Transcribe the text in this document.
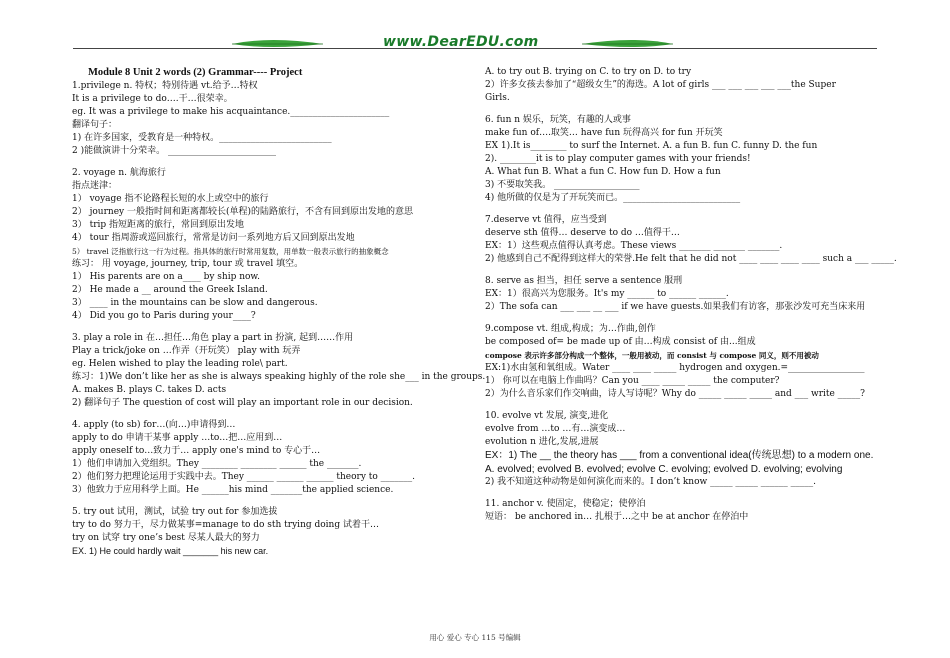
www.DearEDU.com
Module 8 Unit 2 words (2) Grammar---- Project
1.privilege n. 特权；特别待遇 vt.给予…特权
It is a privilege to do….干…很荣幸。
eg. It was a privilege to make his acquaintance.______________________
翻译句子：
1) 在许多国家，受教育是一种特权。_________________________
2 )能做演讲十分荣幸。 ________________________
2. voyage n. 航海旅行
指点迷津：
1） voyage 指不论路程长短的水上或空中的旅行
2） journey 一般指时间和距离都较长(单程)的陆路旅行，不含有回到原出发地的意思
3） trip 指短距离的旅行，常回到原出发地
4） tour 指周游或巡回旅行，常常是访问一系列地方后又回到原出发地
5） travel 泛指旅行这一行为过程。指具体的旅行时常用复数，用单数一般表示旅行的抽象概念
练习： 用 voyage, journey, trip, tour 或 travel 填空。
1） His parents are on a____ by ship now.
2） He made a __ around the Greek Island.
3） ____ in the mountains can be slow and dangerous.
4） Did you go to Paris during your____?
3. play a role in 在…担任…角色 play a part in 扮演, 起到……作用
Play a trick/joke on …作弄（开玩笑） play with 玩弄
eg. Helen wished to play the leading role\ part.
练习：1)We don’t like her as she is always speaking highly of the role she___ in the groups.
A. makes B. plays C. takes D. acts
2) 翻译句子 The question of cost will play an important role in our decision.
4. apply (to sb) for…(向…)申请得到…
apply to do 申请干某事 apply …to…把…应用到…
apply oneself to…致力于… apply one's mind to 专心于…
1）他们申请加入党组织。They ________ ________ ______ the _______.
2）他们努力把理论运用于实践中去。They ______ ______ ______ theory to _______.
3）他致力于应用科学上面。He ______his mind _______the applied science.
5. try out 试用，测试，试验 try out for 参加选拔
try to do 努力干，尽力做某事=manage to do sth trying doing 试着干…
try on 试穿 try one’s best 尽某人最大的努力
EX. 1) He could hardly wait _______ his new car.
A. to try out B. trying on C. to try on D. to try
2）许多女孩去参加了“超级女生”的海选。A lot of girls ___ ___ ___ ___ ___the Super
Girls.
6. fun n 娱乐，玩笑，有趣的人或事
make fun of….取笑… have fun 玩得高兴 for fun 开玩笑
EX 1).It is________ to surf the Internet. A. a fun B. fun C. funny D. the fun
2). ________it is to play computer games with your friends!
A. What fun B. What a fun C. How fun D. How a fun
3) 不要取笑我。 ___________________
4) 他所做的仅是为了开玩笑而已。__________________________
7.deserve vt 值得，应当受到
deserve sth 值得… deserve to do …值得干…
EX：1）这些观点值得认真考虑。These views _______ _______ _______.
2) 他感到自己不配得到这样大的荣誉.He felt that he did not ____ ____ ____ ____ such a ___ _____.
8. serve as 担当，担任 serve a sentence 服刑
EX：1）很高兴为您服务。It's my ______ to ______ ______.
2）The sofa can ___ ___ __ ___ if we have guests.如果我们有访客，那张沙发可充当床来用
9.compose vt. 组成,构成；为…作曲,创作
be composed of= be made up of 由…构成 consist of 由...组成
compose 表示许多部分构成一个整体，一般用被动，而 consist 与 compose 同义，则不用被动
EX:1)水由氢和氧组成。Water ____ ____ _____ hydrogen and oxygen.=_________________
1） 你可以在电脑上作曲吗？Can you ____ _____ _____ the computer?
2）为什么音乐家们作交响曲，诗人写诗呢？Why do _____ _____ _____ and ___ write _____?
10. evolve vt 发展, 演变,进化
evolve from …to …有…演变成…
evolution n 进化,发展,进展
EX：1) The __ the theory has ___ from a conventional idea(传统思想) to a modern one.
A. evolved; evolved B. evolved; evolve C. evolving; evolved D. evolving; evolving
2) 我不知道这种动物是如何演化而来的。I don’t know _____ _____ ______ _____.
11. anchor v. 使固定，使稳定；使停泊
短语： be anchored in… 扎根于…之中 be at anchor 在停泊中
用心 爱心 专心 115 号编辑
